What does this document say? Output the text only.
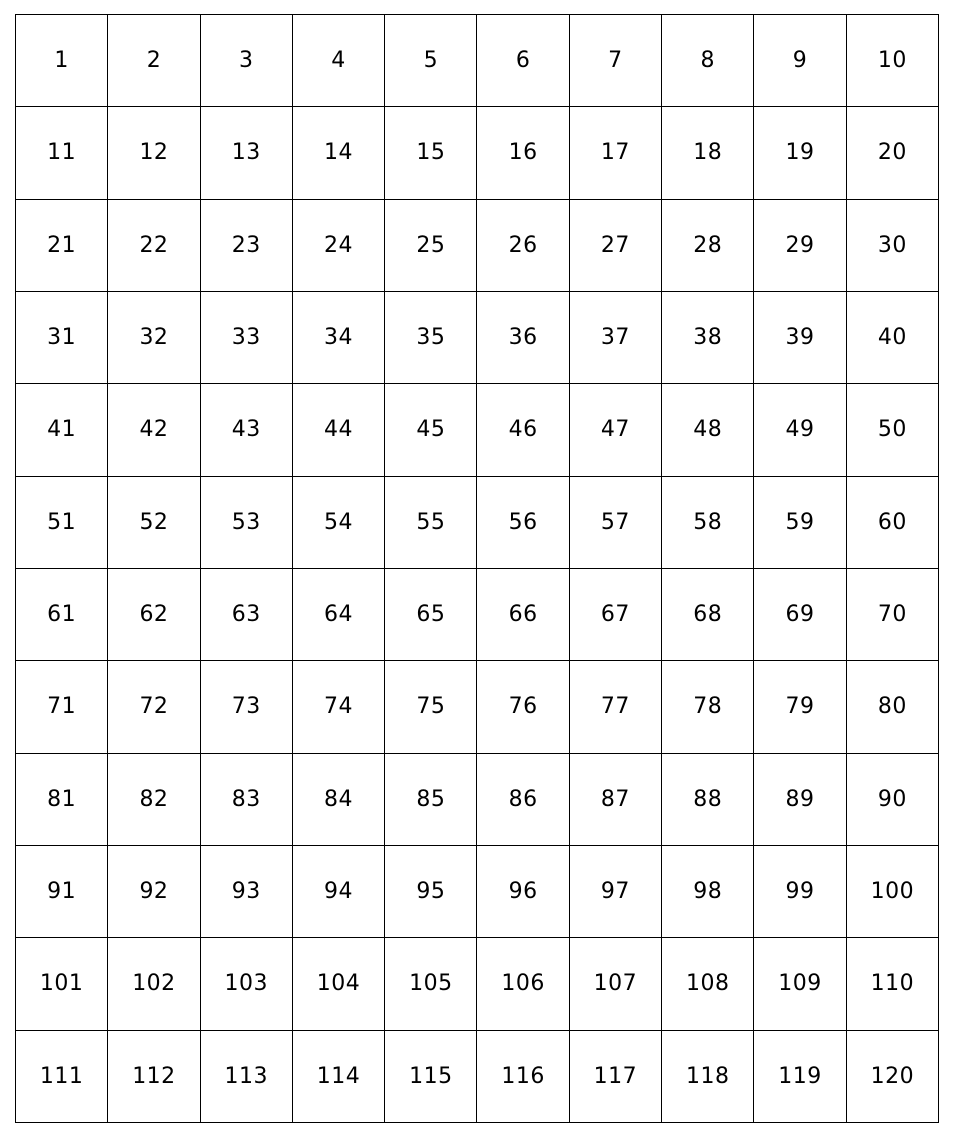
1	2	3	4	5	6	7	8	9	10
11	12	13	14	15	16	17	18	19	20
21	22	23	24	25	26	27	28	29	30
31	32	33	34	35	36	37	38	39	40
41	42	43	44	45	46	47	48	49	50
51	52	53	54	55	56	57	58	59	60
61	62	63	64	65	66	67	68	69	70
71	72	73	74	75	76	77	78	79	80
81	82	83	84	85	86	87	88	89	90
91	92	93	94	95	96	97	98	99	100
101	102	103	104	105	106	107	108	109	110
111	112	113	114	115	116	117	118	119	120
